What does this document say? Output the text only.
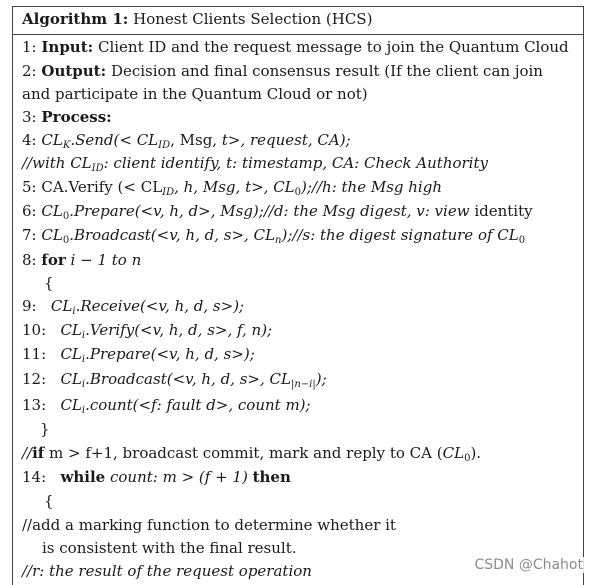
Algorithm 1: Honest Clients Selection (HCS)
1: Input: Client ID and the request message to join the Quantum Cloud
2: Output: Decision and final consensus result (If the client can join
and participate in the Quantum Cloud or not)
3: Process:
4: $CL_K.Send(< CL_{ID}$, Msg, t>, request, CA);
//with $CL_{ID}$: client identify, t: timestamp, CA: Check Authority
5: CA.Verify (< $CL_{ID}$, h, Msg, t>, $CL_0);//h$: the Msg high
6: $CL_0.Prepare(<v$, h, d>, Msg);//d: the Msg digest, v: view identity
7: $CL_0.Broadcast(<v$, h, d, s>, $CL_n);//s$: the digest signature of $CL_0$
8: for i − 1 to n
{
9: $CL_i.Receive(<v$, h, d, s>);
10: $CL_i.Verify(<v$, h, d, s>, f, n);
11: $CL_i.Prepare(<v$, h, d, s>);
12: $CL_i.Broadcast(<v$, h, d, s>, $CL_{|n-i|}$);
13: $CL_i.count(<f$: fault d>, count m);
}
//if m > f+1, broadcast commit, mark and reply to CA $(CL_0)$.
14: while count: m > (f + 1) then
{
//add a marking function to determine whether it
is consistent with the final result.
//r: the result of the request operation	CSDN @Chahot
